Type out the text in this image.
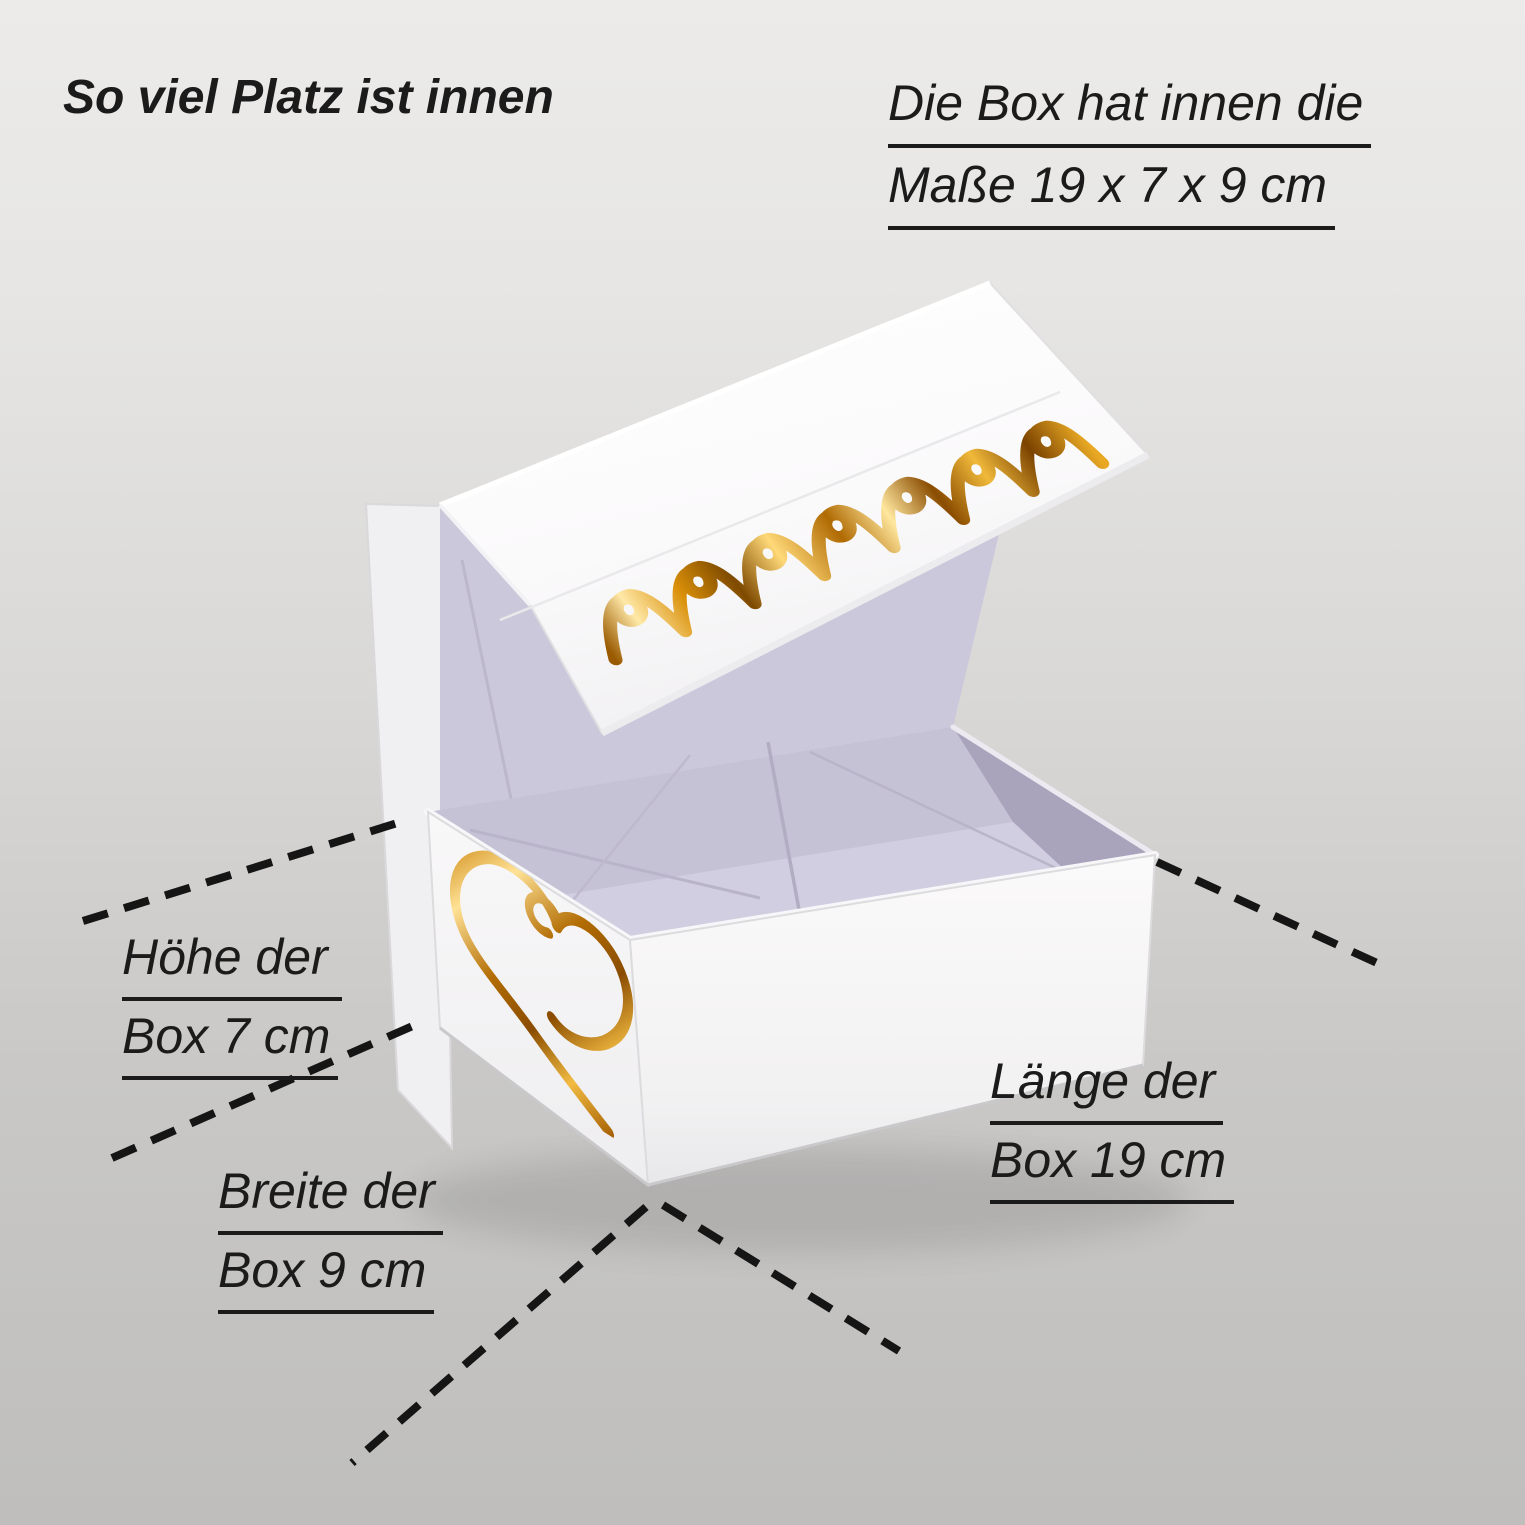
So viel Platz ist innen	Die Box hat innen die
Maße 19 x 7 x 9 cm
Höhe der
Box 7 cm
Breite der
Box 9 cm
Länge der
Box 19 cm
